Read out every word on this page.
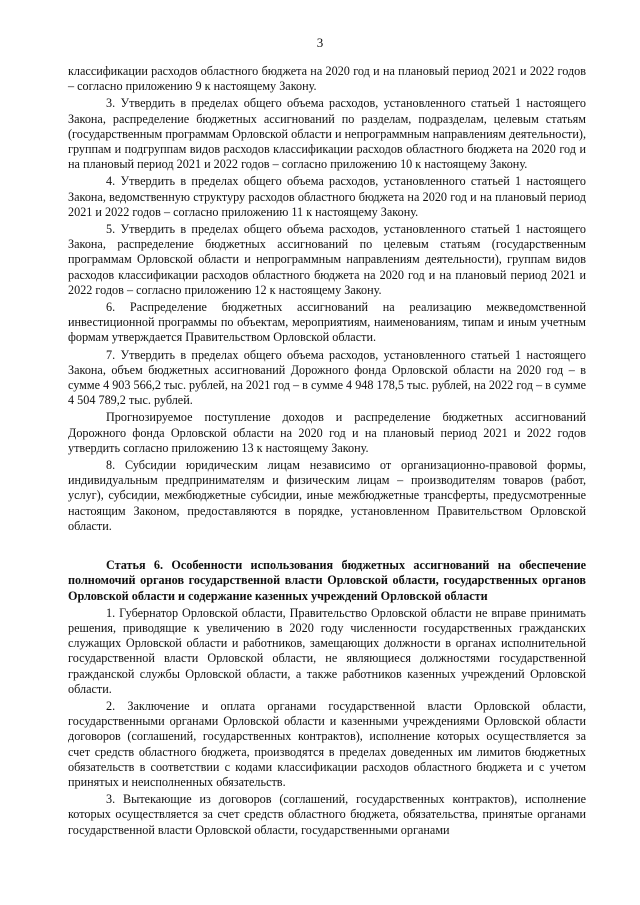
3

классификации расходов областного бюджета на 2020 год и на плановый период 2021 и 2022 годов – согласно приложению 9 к настоящему Закону.

3. Утвердить в пределах общего объема расходов, установленного статьей 1 настоящего Закона, распределение бюджетных ассигнований по разделам, подразделам, целевым статьям (государственным программам Орловской области и непрограммным направлениям деятельности), группам и подгруппам видов расходов классификации расходов областного бюджета на 2020 год и на плановый период 2021 и 2022 годов – согласно приложению 10 к настоящему Закону.

4. Утвердить в пределах общего объема расходов, установленного статьей 1 настоящего Закона, ведомственную структуру расходов областного бюджета на 2020 год и на плановый период 2021 и 2022 годов – согласно приложению 11 к настоящему Закону.

5. Утвердить в пределах общего объема расходов, установленного статьей 1 настоящего Закона, распределение бюджетных ассигнований по целевым статьям (государственным программам Орловской области и непрограммным направлениям деятельности), группам видов расходов классификации расходов областного бюджета на 2020 год и на плановый период 2021 и 2022 годов – согласно приложению 12 к настоящему Закону.

6. Распределение бюджетных ассигнований на реализацию межведомственной инвестиционной программы по объектам, мероприятиям, наименованиям, типам и иным учетным формам утверждается Правительством Орловской области.

7. Утвердить в пределах общего объема расходов, установленного статьей 1 настоящего Закона, объем бюджетных ассигнований Дорожного фонда Орловской области на 2020 год – в сумме 4 903 566,2 тыс. рублей, на 2021 год – в сумме 4 948 178,5 тыс. рублей, на 2022 год – в сумме 4 504 789,2 тыс. рублей.

Прогнозируемое поступление доходов и распределение бюджетных ассигнований Дорожного фонда Орловской области на 2020 год и на плановый период 2021 и 2022 годов утвердить согласно приложению 13 к настоящему Закону.

8. Субсидии юридическим лицам независимо от организационно-правовой формы, индивидуальным предпринимателям и физическим лицам – производителям товаров (работ, услуг), субсидии, межбюджетные субсидии, иные межбюджетные трансферты, предусмотренные настоящим Законом, предоставляются в порядке, установленном Правительством Орловской области.

Статья 6. Особенности использования бюджетных ассигнований на обеспечение полномочий органов государственной власти Орловской области, государственных органов Орловской области и содержание казенных учреждений Орловской области

1. Губернатор Орловской области, Правительство Орловской области не вправе принимать решения, приводящие к увеличению в 2020 году численности государственных гражданских служащих Орловской области и работников, замещающих должности в органах исполнительной государственной власти Орловской области, не являющиеся должностями государственной гражданской службы Орловской области, а также работников казенных учреждений Орловской области.

2. Заключение и оплата органами государственной власти Орловской области, государственными органами Орловской области и казенными учреждениями Орловской области договоров (соглашений, государственных контрактов), исполнение которых осуществляется за счет средств областного бюджета, производятся в пределах доведенных им лимитов бюджетных обязательств в соответствии с кодами классификации расходов областного бюджета и с учетом принятых и неисполненных обязательств.

3. Вытекающие из договоров (соглашений, государственных контрактов), исполнение которых осуществляется за счет средств областного бюджета, обязательства, принятые органами государственной власти Орловской области, государственными органами
